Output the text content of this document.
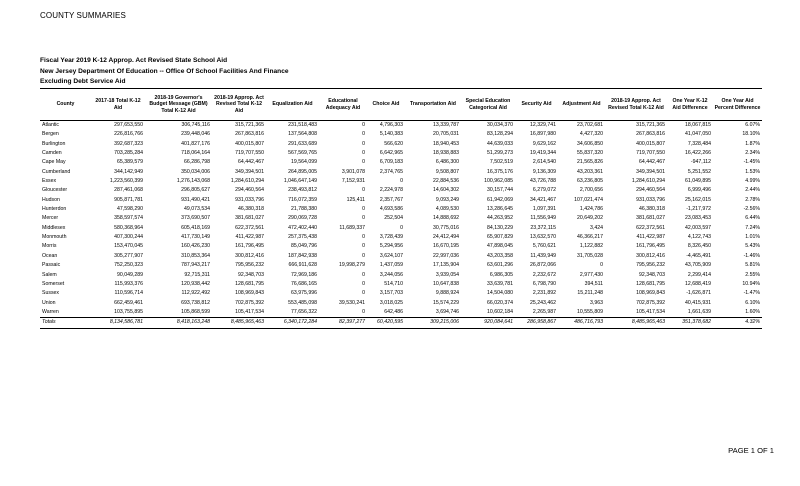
COUNTY SUMMARIES
Fiscal Year 2019 K-12 Approp. Act Revised State School Aid
New Jersey Department Of Education -- Office Of School Facilities And Finance
Excluding Debt Service Aid
County	2017-18 Total K-12 Aid	2018-19 Governor's Budget Message (GBM) Total K-12 Aid	2018-19 Approp. Act Revised Total K-12 Aid	Equalization Aid	Educational Adequacy Aid	Choice Aid	Transportation Aid	Special Education Categorical Aid	Security Aid	Adjustment Aid	2018-19 Approp. Act Revised Total K-12 Aid	One Year K-12 Aid Difference	One Year Aid Percent Difference
Atlantic	297,653,550	306,745,116	315,721,365	231,518,483	0	4,796,303	13,339,787	30,034,370	12,329,741	23,702,681	315,721,365	18,067,815	6.07%
Bergen	226,816,766	239,448,046	267,863,816	137,564,808	0	5,140,383	20,705,031	83,128,294	16,897,980	4,427,320	267,863,816	41,047,050	18.10%
Burlington	392,687,323	401,827,176	400,015,807	291,633,689	0	566,620	18,940,453	44,639,033	9,629,162	34,606,850	400,015,807	7,328,484	1.87%
Camden	703,285,284	718,064,164	719,707,550	567,569,765	0	6,642,965	18,938,883	51,299,273	19,419,344	55,837,320	719,707,550	16,422,266	2.34%
Cape May	65,389,579	66,286,798	64,442,467	19,564,099	0	6,709,183	6,486,300	7,502,519	2,614,540	21,565,826	64,442,467	-947,112	-1.45%
Cumberland	344,142,949	350,034,006	349,394,501	264,895,005	3,901,078	2,374,765	9,508,807	16,375,176	9,136,309	43,203,361	349,394,501	5,251,552	1.53%
Essex	1,223,560,399	1,276,143,068	1,284,610,294	1,046,647,149	7,152,931	0	22,884,536	100,962,085	43,726,788	63,236,805	1,284,610,294	61,049,895	4.99%
Gloucester	287,461,068	296,805,627	294,460,564	238,493,812	0	2,224,978	14,604,302	30,157,744	6,279,072	2,700,656	294,460,564	6,999,496	2.44%
Hudson	905,871,781	931,490,421	931,033,796	716,072,359	125,411	2,357,767	9,093,249	61,942,069	34,421,467	107,021,474	931,033,796	25,162,015	2.78%
Hunterdon	47,598,290	49,073,534	46,380,318	21,788,380	0	4,693,586	4,089,530	13,286,645	1,097,391	1,424,786	46,380,318	-1,217,972	-2.56%
Mercer	358,597,574	373,690,507	381,681,027	290,069,728	0	252,504	14,888,692	44,263,952	11,556,949	20,649,202	381,681,027	23,083,453	6.44%
Middlesex	580,368,964	605,418,169	622,372,561	472,402,440	11,689,337	0	30,775,016	84,130,229	23,372,115	3,424	622,372,561	42,003,597	7.24%
Monmouth	407,300,244	417,730,149	411,422,987	257,375,438	0	3,728,439	24,412,494	65,907,829	13,632,570	46,366,217	411,422,987	4,122,743	1.01%
Morris	153,470,045	160,426,230	161,796,495	85,049,796	0	5,294,956	16,670,195	47,898,045	5,760,621	1,122,882	161,796,495	8,326,450	5.43%
Ocean	305,277,907	310,853,364	300,812,416	187,842,938	0	3,624,107	22,997,036	43,203,358	11,439,949	31,705,028	300,812,416	-4,465,491	-1.46%
Passaic	752,250,323	787,943,217	795,956,232	666,911,628	19,998,279	1,437,059	17,135,904	63,601,296	26,872,066	0	795,956,232	43,705,909	5.81%
Salem	90,049,289	92,715,311	92,348,703	72,969,186	0	3,244,056	3,939,054	6,986,305	2,232,672	2,977,430	92,348,703	2,299,414	2.55%
Somerset	115,993,376	120,938,442	128,681,795	76,686,165	0	514,710	10,647,838	33,639,781	6,798,790	394,511	128,681,795	12,688,419	10.94%
Sussex	110,596,714	112,922,492	108,969,843	63,975,996	0	3,157,703	9,888,924	14,504,080	2,231,892	15,211,248	108,969,843	-1,626,871	-1.47%
Union	662,459,461	693,738,812	702,875,392	553,485,098	39,530,241	3,018,025	15,574,229	66,020,374	25,243,462	3,963	702,875,392	40,415,931	6.10%
Warren	103,755,895	105,868,599	105,417,534	77,656,322	0	642,486	3,694,746	10,602,184	2,265,987	10,555,809	105,417,534	1,661,639	1.60%
Totals	8,134,586,781	8,418,163,248	8,485,965,463	6,340,172,284	82,397,277	60,420,595	309,215,006	920,084,641	286,958,867	486,716,793	8,485,965,463	351,378,682	4.32%
PAGE 1 OF 1
